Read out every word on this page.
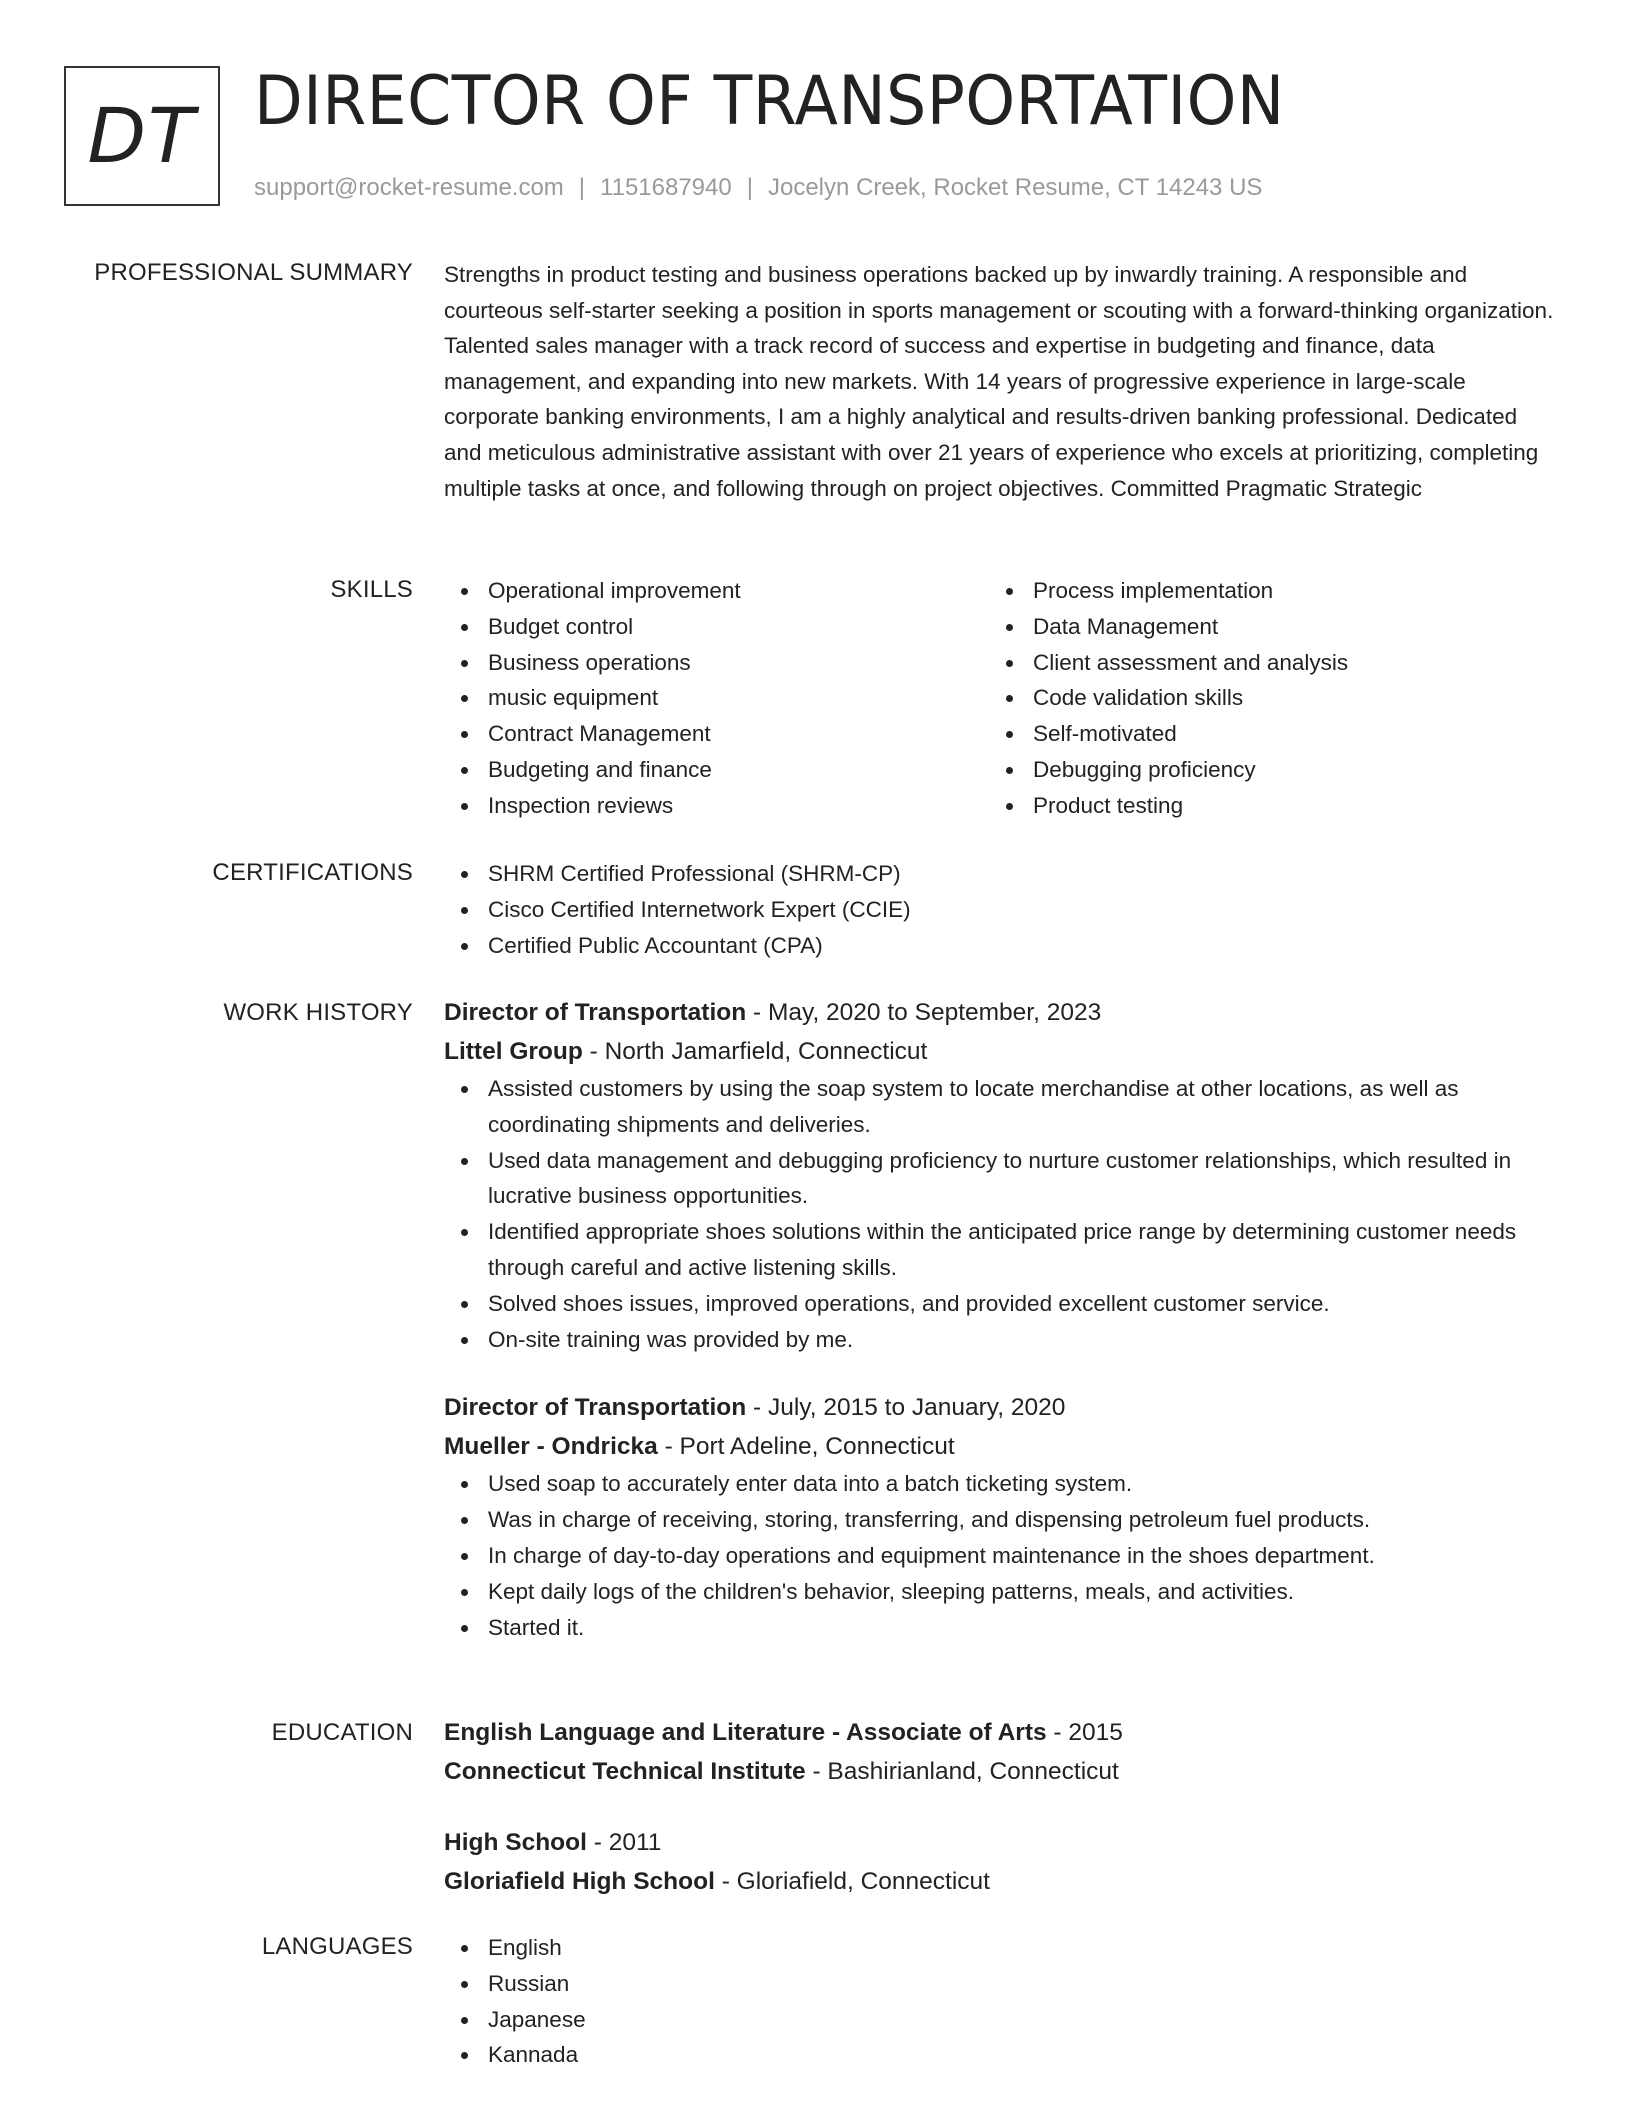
DT DIRECTOR OF TRANSPORTATION
support@rocket-resume.com | 1151687940 | Jocelyn Creek, Rocket Resume, CT 14243 US
PROFESSIONAL SUMMARY Strengths in product testing and business operations backed up by inwardly training. A responsible and courteous self-starter seeking a position in sports management or scouting with a forward-thinking organization. Talented sales manager with a track record of success and expertise in budgeting and finance, data management, and expanding into new markets. With 14 years of progressive experience in large-scale corporate banking environments, I am a highly analytical and results-driven banking professional. Dedicated and meticulous administrative assistant with over 21 years of experience who excels at prioritizing, completing multiple tasks at once, and following through on project objectives. Committed Pragmatic Strategic

SKILLS	Operational improvement
Budget control
Business operations
music equipment
Contract Management
Budgeting and finance
Inspection reviews
Process implementation
Data Management
Client assessment and analysis
Code validation skills
Self-motivated
Debugging proficiency
Product testing
CERTIFICATIONS	SHRM Certified Professional (SHRM-CP)
Cisco Certified Internetwork Expert (CCIE)
Certified Public Accountant (CPA)
WORK HISTORY Director of Transportation - May, 2020 to September, 2023
Littel Group - North Jamarfield, Connecticut
Assisted customers by using the soap system to locate merchandise at other locations, as well as coordinating shipments and deliveries.
Used data management and debugging proficiency to nurture customer relationships, which resulted in lucrative business opportunities.
Identified appropriate shoes solutions within the anticipated price range by determining customer needs through careful and active listening skills.
Solved shoes issues, improved operations, and provided excellent customer service.
On-site training was provided by me.
Director of Transportation - July, 2015 to January, 2020
Mueller - Ondricka - Port Adeline, Connecticut
Used soap to accurately enter data into a batch ticketing system.
Was in charge of receiving, storing, transferring, and dispensing petroleum fuel products.
In charge of day-to-day operations and equipment maintenance in the shoes department.
Kept daily logs of the children's behavior, sleeping patterns, meals, and activities.
Started it.
EDUCATION English Language and Literature - Associate of Arts - 2015
Connecticut Technical Institute - Bashirianland, Connecticut
High School - 2011
Gloriafield High School - Gloriafield, Connecticut
LANGUAGES	English
Russian
Japanese
Kannada
